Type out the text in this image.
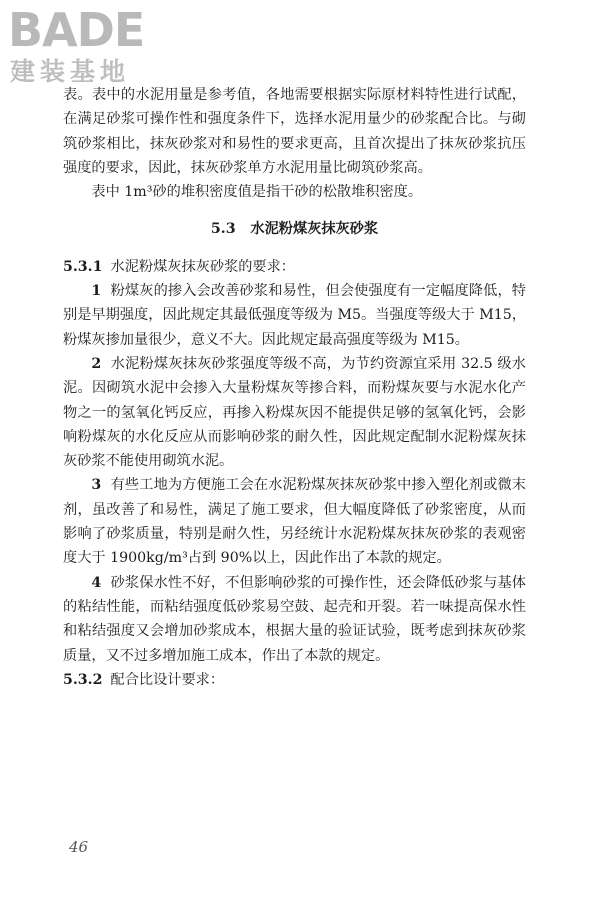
BADE
建装基地

表。表中的水泥用量是参考值，各地需要根据实际原材料特性进行试配，在满足砂浆可操作性和强度条件下，选择水泥用量少的砂浆配合比。与砌筑砂浆相比，抹灰砂浆对和易性的要求更高，且首次提出了抹灰砂浆抗压强度的要求，因此，抹灰砂浆单方水泥用量比砌筑砂浆高。

表中 1m³砂的堆积密度值是指干砂的松散堆积密度。

5.3 水泥粉煤灰抹灰砂浆

5.3.1 水泥粉煤灰抹灰砂浆的要求：

1 粉煤灰的掺入会改善砂浆和易性，但会使强度有一定幅度降低，特别是早期强度，因此规定其最低强度等级为 M5。当强度等级大于 M15，粉煤灰掺加量很少，意义不大。因此规定最高强度等级为 M15。

2 水泥粉煤灰抹灰砂浆强度等级不高，为节约资源宜采用 32.5 级水泥。因砌筑水泥中会掺入大量粉煤灰等掺合料，而粉煤灰要与水泥水化产物之一的氢氧化钙反应，再掺入粉煤灰因不能提供足够的氢氧化钙，会影响粉煤灰的水化反应从而影响砂浆的耐久性，因此规定配制水泥粉煤灰抹灰砂浆不能使用砌筑水泥。

3 有些工地为方便施工会在水泥粉煤灰抹灰砂浆中掺入塑化剂或微末剂，虽改善了和易性，满足了施工要求，但大幅度降低了砂浆密度，从而影响了砂浆质量，特别是耐久性，另经统计水泥粉煤灰抹灰砂浆的表观密度大于 1900kg/m³占到 90%以上，因此作出了本款的规定。

4 砂浆保水性不好，不但影响砂浆的可操作性，还会降低砂浆与基体的粘结性能，而粘结强度低砂浆易空鼓、起壳和开裂。若一味提高保水性和粘结强度又会增加砂浆成本，根据大量的验证试验，既考虑到抹灰砂浆质量，又不过多增加施工成本，作出了本款的规定。

5.3.2 配合比设计要求：

46
